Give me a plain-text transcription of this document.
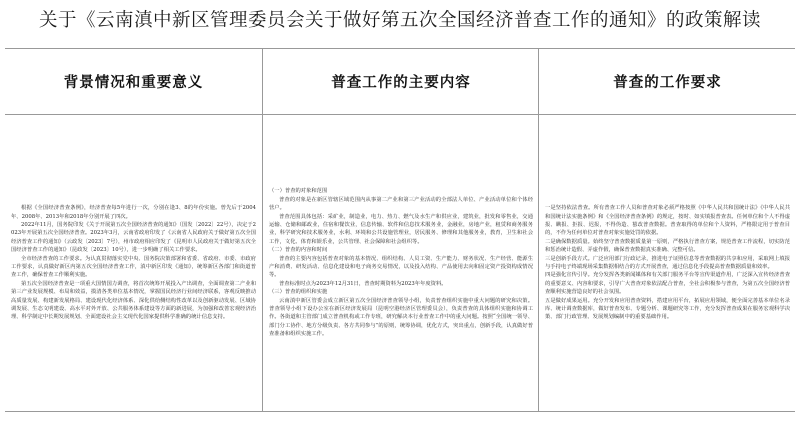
关于《云南滇中新区管理委员会关于做好第五次全国经济普查工作的通知》的政策解读
背景情况和重要意义

根据《全国经济普查条例》，经济普查每5年进行一次，分别在逢3、8的年份实施。曾先后于2004年、2008年、2013年和2018年分别开展了四次。

2022年11月，国务院印发《关于开展第五次全国经济普查的通知》（国发〔2022〕22号），决定于2023年开展第五次全国经济普查。2023年3月，云南省政府印发了《云南省人民政府关于做好第五次全国经济普查工作的通知》（云政发〔2023〕7号），州市政府相应印发了《昆明市人民政府关于做好第五次全国经济普查工作的通知》（昆政发〔2023〕10号），进一步明确了相关工作要求。

全市经济普查的工作要求。为认真贯彻落实党中央、国务院决策部署和省委、省政府、市委、市政府工作要求，认真做好新区内第五次全国经济普查工作，滇中新区印发《通知》，统筹新区各部门和街道普查工作，确保普查工作顺利实施。

第五次全国经济普查是一项重大国情国力调查，将首次统筹开展投入产出调查，全面调查第二产业和第三产业发展规模、布局和效益，摸清各类单位基本情况，掌握国民经济行业间经济联系，客观反映推动高质量发展、构建新发展格局、建设现代化经济体系、深化供给侧结构性改革以及创新驱动发展、区域协调发展、生态文明建设、高水平对外开放、公共服务体系建设等方面的新进展，为加强和改善宏观经济治理、科学制定中长期发展规划、全面建设社会主义现代化国家提供科学准确的统计信息支持。

普查工作的主要内容

（一）普查的对象和范围

普查的对象是在新区管辖区域范围内从事第二产业和第三产业活动的全部法人单位、产业活动单位和个体经营户。

普查范围具体包括：采矿业，制造业，电力、热力、燃气及水生产和供应业，建筑业，批发和零售业，交通运输、仓储和邮政业，住宿和餐饮业，信息传输、软件和信息技术服务业，金融业，房地产业，租赁和商务服务业，科学研究和技术服务业，水利、环境和公共设施管理业，居民服务、修理和其他服务业，教育，卫生和社会工作，文化、体育和娱乐业，公共管理、社会保障和社会组织等。

（二）普查的内容和时间

普查的主要内容包括普查对象的基本情况、组织结构、人员工资、生产能力、财务状况、生产经营、能源生产和消费、研发活动、信息化建设和电子商务交易情况，以及投入结构、产品使用去向和固定资产投资构成情况等。

普查标准时点为2023年12月31日，普查时期资料为2023年年度资料。

（三）普查的组织和实施

云南滇中新区管委会成立新区第五次全国经济普查领导小组，负责普查组织实施中重大问题的研究和决策。普查领导小组下设办公室在新区经济发展局（昆明空港经济区管理委员会），负责普查的具体组织实施和协调工作。各街道和主管部门成立普查机构或工作专班，研究解决本行业普查工作中的重大问题。按照“全国统一领导、部门分工协作、地方分级负责、各方共同参与”的原则，统筹协调，优化方式，突出重点，创新手段，认真做好普查准备和组织实施工作。

普查的工作要求

一是坚持依法普查。所有普查工作人员和普查对象必须严格按照《中华人民共和国统计法》《中华人民共和国统计法实施条例》和《全国经济普查条例》的规定，按时、如实填报普查表。任何单位和个人不得虚报、瞒报、拒报、迟报，不得伪造、篡改普查数据。普查取得的单位和个人资料，严格限定用于普查目的，不作为任何单位对普查对象实施处罚的依据。

二是确保数据质量。始终坚守普查数据质量第一原则，严格执行普查方案，规范普查工作流程，切实防范和惩治统计造假、弄虚作假，确保普查数据真实准确、完整可信。

三是创新手段方式。广泛应用部门行政记录，推进电子证照信息等普查数据的共享和应用，采取网上填报与手持电子终端现场采集数据相结合的方式开展普查，通过信息化手段提高普查数据质量和效率。

四是强化宣传引导。充分发挥各类新闻媒体和有关部门服务平台等宣传渠道作用，广泛深入宣传经济普查的重要意义、内容和要求，引导广大普查对象依法配合普查，全社会积极参与普查，为第五次全国经济普查顺利实施营造良好的社会氛围。

五是做好成果运用。充分开发和应用普查资料，搭建应用平台，拓展应用领域，便全面完善基本单位名录库、统计调查数据库，做好普查发布、专题分析、课题研究等工作，充分发挥普查成果在服务宏观科学决策、部门行政管理、发展规划编制中的重要基础作用。
